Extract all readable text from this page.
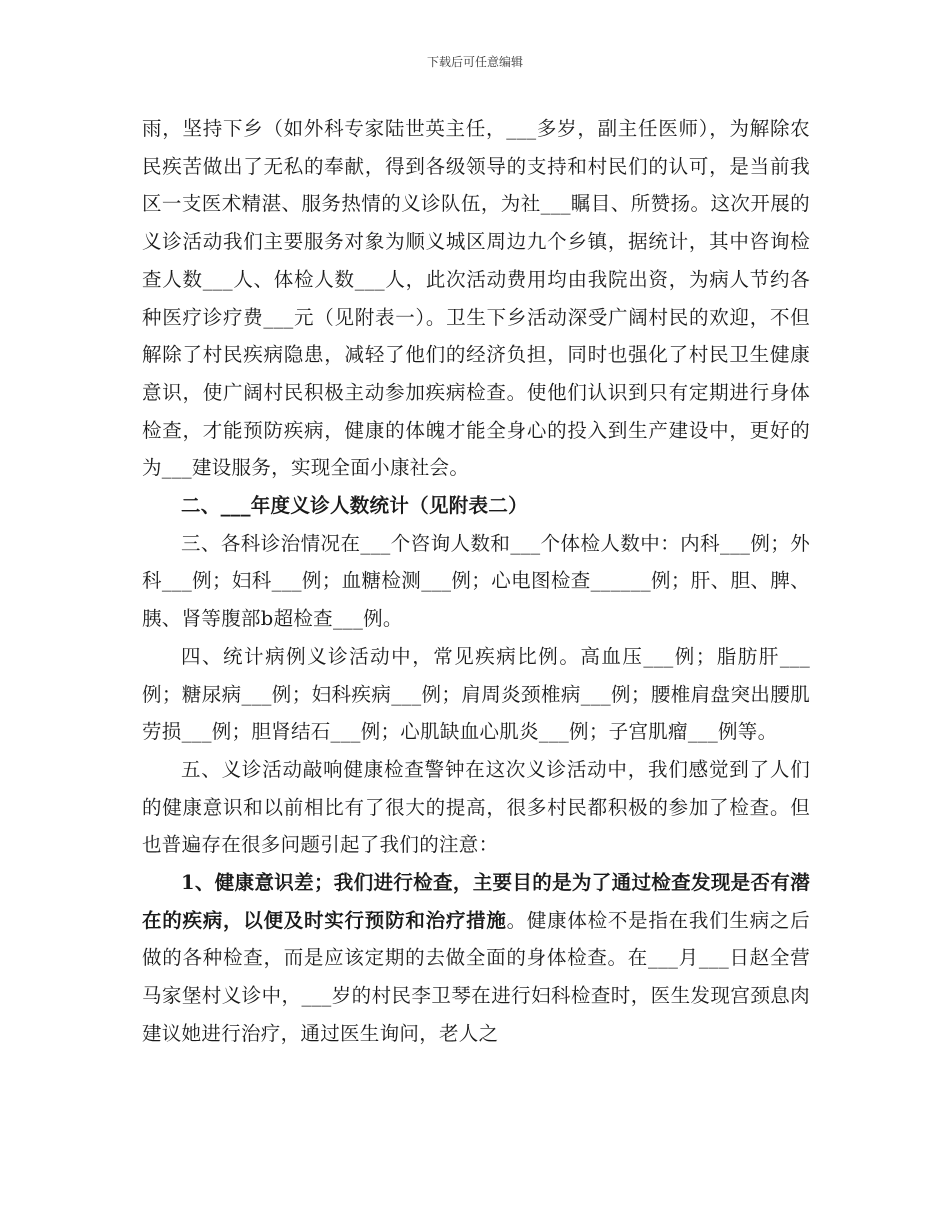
下载后可任意编辑

雨，坚持下乡（如外科专家陆世英主任，___多岁，副主任医师），为解除农民疾苦做出了无私的奉献，得到各级领导的支持和村民们的认可，是当前我区一支医术精湛、服务热情的义诊队伍，为社___瞩目、所赞扬。这次开展的义诊活动我们主要服务对象为顺义城区周边九个乡镇，据统计，其中咨询检查人数___人、体检人数___人，此次活动费用均由我院出资，为病人节约各种医疗诊疗费___元（见附表一）。卫生下乡活动深受广阔村民的欢迎，不但解除了村民疾病隐患，减轻了他们的经济负担，同时也强化了村民卫生健康意识，使广阔村民积极主动参加疾病检查。使他们认识到只有定期进行身体检查，才能预防疾病，健康的体魄才能全身心的投入到生产建设中，更好的为___建设服务，实现全面小康社会。

二、___年度义诊人数统计（见附表二）

三、各科诊治情况在___个咨询人数和___个体检人数中：内科___例；外科___例；妇科___例；血糖检测___例；心电图检查______例；肝、胆、脾、胰、肾等腹部b超检查___例。

四、统计病例义诊活动中，常见疾病比例。高血压___例；脂肪肝___例；糖尿病___例；妇科疾病___例；肩周炎颈椎病___例；腰椎肩盘突出腰肌劳损___例；胆肾结石___例；心肌缺血心肌炎___例；子宫肌瘤___例等。

五、义诊活动敲响健康检查警钟在这次义诊活动中，我们感觉到了人们的健康意识和以前相比有了很大的提高，很多村民都积极的参加了检查。但也普遍存在很多问题引起了我们的注意：

1、健康意识差；我们进行检查，主要目的是为了通过检查发现是否有潜在的疾病，以便及时实行预防和治疗措施。健康体检不是指在我们生病之后做的各种检查，而是应该定期的去做全面的身体检查。在___月___日赵全营马家堡村义诊中，___岁的村民李卫琴在进行妇科检查时，医生发现宫颈息肉建议她进行治疗，通过医生询问，老人之
